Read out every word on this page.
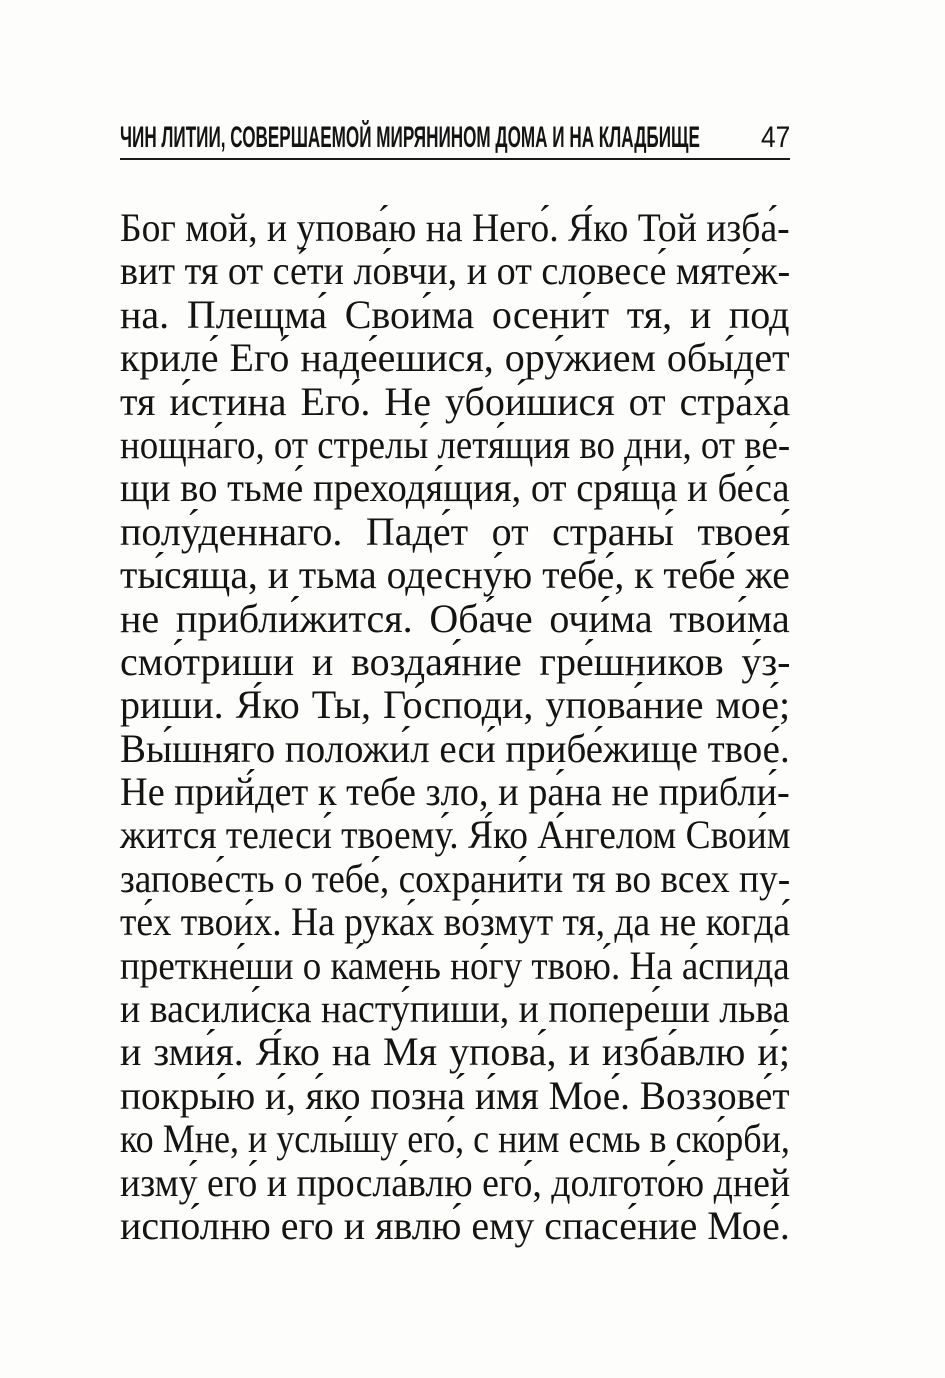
ЧИН ЛИТИИ, СОВЕРШАЕМОЙ МИРЯНИНОМ ДОМА И НА КЛАДБИЩЕ 47
Бог мой, и упова́ю на Него́. Я́ко Той изба́-
вит тя от се́ти ло́вчи, и от словесе́ мяте́ж-
на. Плещма́ Свои́ма осени́т тя, и под
криле́ Его́ наде́ешися, ору́жием обы́дет
тя и́стина Его́. Не убои́шися от стра́ха
нощна́го, от стрелы́ летя́щия во дни, от ве́-
щи во тьме́ преходя́щия, от сря́ща и бе́са
полу́деннаго. Паде́т от страны́ твоея́
ты́сяща, и тьма одесну́ю тебе́, к тебе́ же
не прибли́жится. Оба́че очи́ма твои́ма
смо́триши и воздая́ние гре́шников у́з-
риши. Я́ко Ты, Го́споди, упова́ние мое́;
Вы́шняго положи́л еси́ прибе́жище твое́.
Не прий́дет к тебе зло, и ра́на не прибли́-
жится телеси́ твоему́. Я́ко А́нгелом Свои́м
запове́сть о тебе́, сохрани́ти тя во всех пу-
те́х твои́х. На рука́х во́змут тя, да не когда́
преткне́ши о ка́мень но́гу твою́. На а́спида
и васили́ска насту́пиши, и попере́ши льва
и зми́я. Я́ко на Мя упова́, и изба́влю и́;
покры́ю и́, я́ко позна́ и́мя Мое́. Воззове́т
ко Мне, и услы́шу его́, с ним есмь в ско́рби,
изму́ его́ и просла́влю его́, долгото́ю дней
испо́лню его и явлю́ ему спасе́ние Мое́.
